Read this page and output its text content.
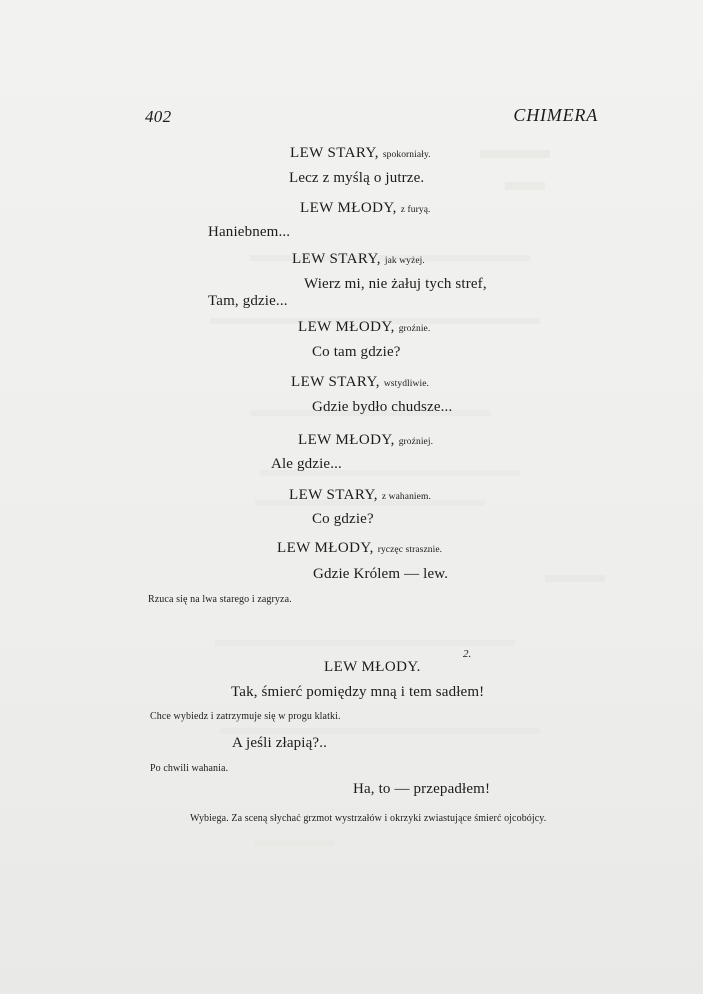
402	CHIMERA
LEW STARY, spokorniały.
Lecz z myślą o jutrze.
LEW MŁODY, z furyą.
Haniebnem...
LEW STARY, jak wyżej.
Wierz mi, nie żałuj tych stref,
Tam, gdzie...
LEW MŁODY, groźnie.
Co tam gdzie?
LEW STARY, wstydliwie.
Gdzie bydło chudsze...
LEW MŁODY, groźniej.
Ale gdzie...
LEW STARY, z wahaniem.
Co gdzie?
LEW MŁODY, ryczęc strasznie.
Gdzie Królem — lew.
Rzuca się na lwa starego i zagryza.
2.
LEW MŁODY.
Tak, śmierć pomiędzy mną i tem sadłem!
Chce wybiedz i zatrzymuje się w progu klatki.
A jeśli złapią?..
Po chwili wahania.
Ha, to — przepadłem!
Wybiega. Za sceną słychać grzmot wystrzałów i okrzyki zwiastujące śmierć ojcobójcy.
